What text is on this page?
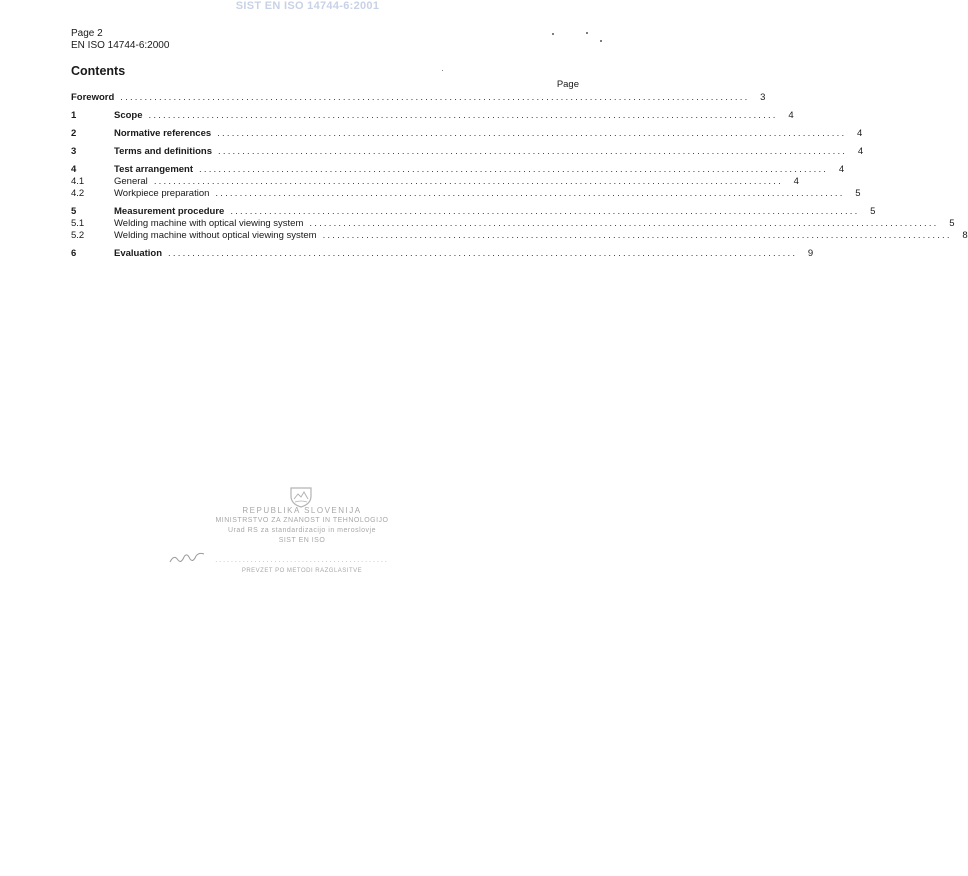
SIST EN ISO 14744-6:2001
Page 2
EN ISO 14744-6:2000
Contents
Page
Foreword ..................................................................................................................................	3
1	Scope ..................................................................................................................................	4
2	Normative references ..................................................................................................................................	4
3	Terms and definitions ..................................................................................................................................	4
4	Test arrangement ..................................................................................................................................	4
4.1	General ..................................................................................................................................	4
4.2	Workpiece preparation ..................................................................................................................................	5
5	Measurement procedure ..................................................................................................................................	5
5.1	Welding machine with optical viewing system ..................................................................................................................................	5
5.2	Welding machine without optical viewing system ..................................................................................................................................	8
6	Evaluation ..................................................................................................................................	9
REPUBLIKA SLOVENIJA
MINISTRSTVO ZA ZNANOST IN TEHNOLOGIJO
Urad RS za standardizacijo in meroslovje
SIST EN ISO
............................................
PREVZET PO METODI RAZGLASITVE
